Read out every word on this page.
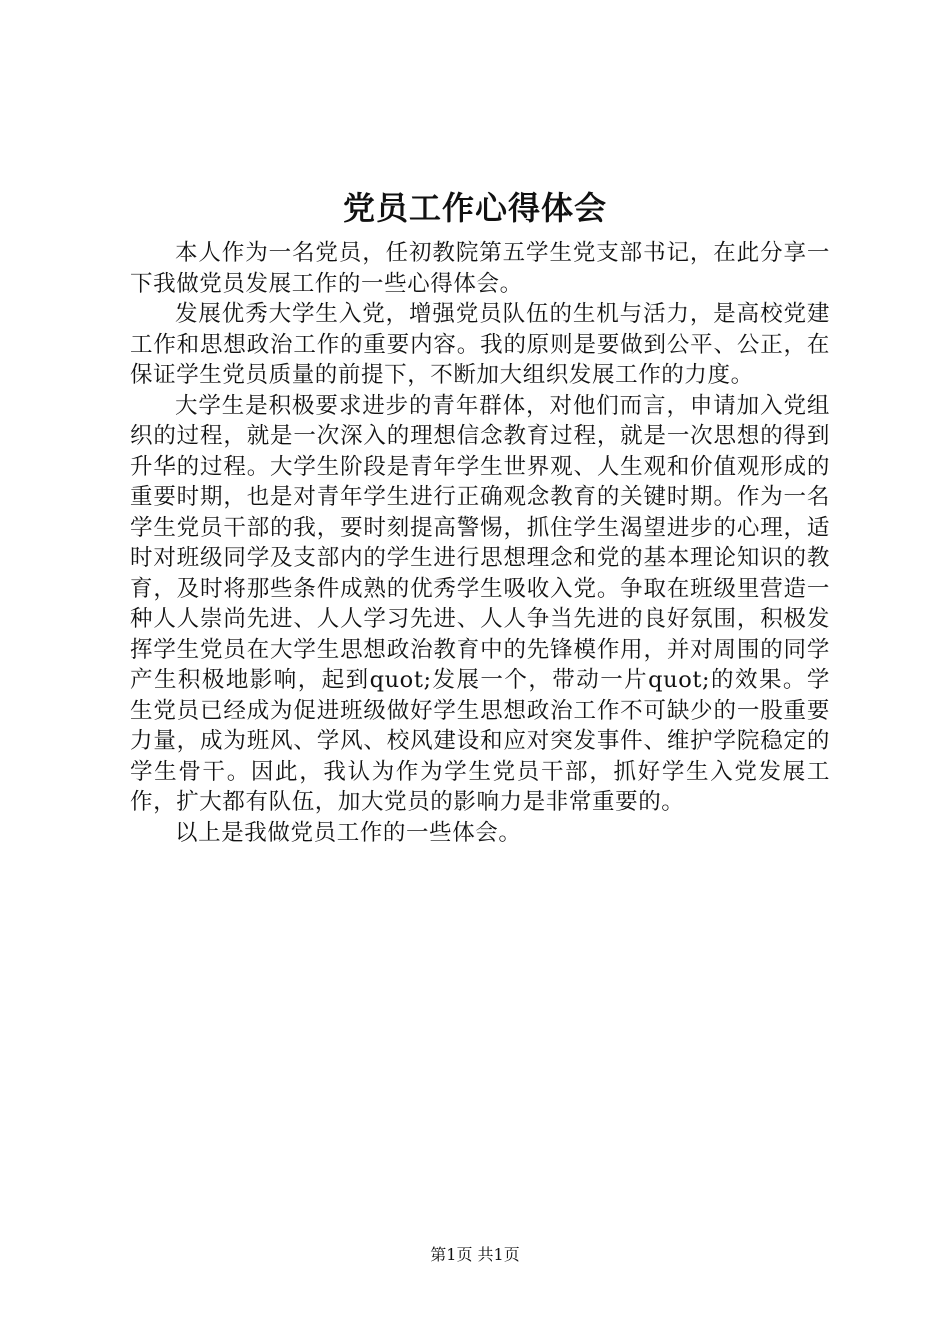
党员工作心得体会

本人作为一名党员，任初教院第五学生党支部书记，在此分享一下我做党员发展工作的一些心得体会。

发展优秀大学生入党，增强党员队伍的生机与活力，是高校党建工作和思想政治工作的重要内容。我的原则是要做到公平、公正，在保证学生党员质量的前提下，不断加大组织发展工作的力度。

大学生是积极要求进步的青年群体，对他们而言，申请加入党组织的过程，就是一次深入的理想信念教育过程，就是一次思想的得到升华的过程。大学生阶段是青年学生世界观、人生观和价值观形成的重要时期，也是对青年学生进行正确观念教育的关键时期。作为一名学生党员干部的我，要时刻提高警惕，抓住学生渴望进步的心理，适时对班级同学及支部内的学生进行思想理念和党的基本理论知识的教育，及时将那些条件成熟的优秀学生吸收入党。争取在班级里营造一种人人崇尚先进、人人学习先进、人人争当先进的良好氛围，积极发挥学生党员在大学生思想政治教育中的先锋模作用，并对周围的同学产生积极地影响，起到quot;发展一个，带动一片quot;的效果。学生党员已经成为促进班级做好学生思想政治工作不可缺少的一股重要力量，成为班风、学风、校风建设和应对突发事件、维护学院稳定的学生骨干。因此，我认为作为学生党员干部，抓好学生入党发展工作，扩大都有队伍，加大党员的影响力是非常重要的。

以上是我做党员工作的一些体会。

第1页 共1页
